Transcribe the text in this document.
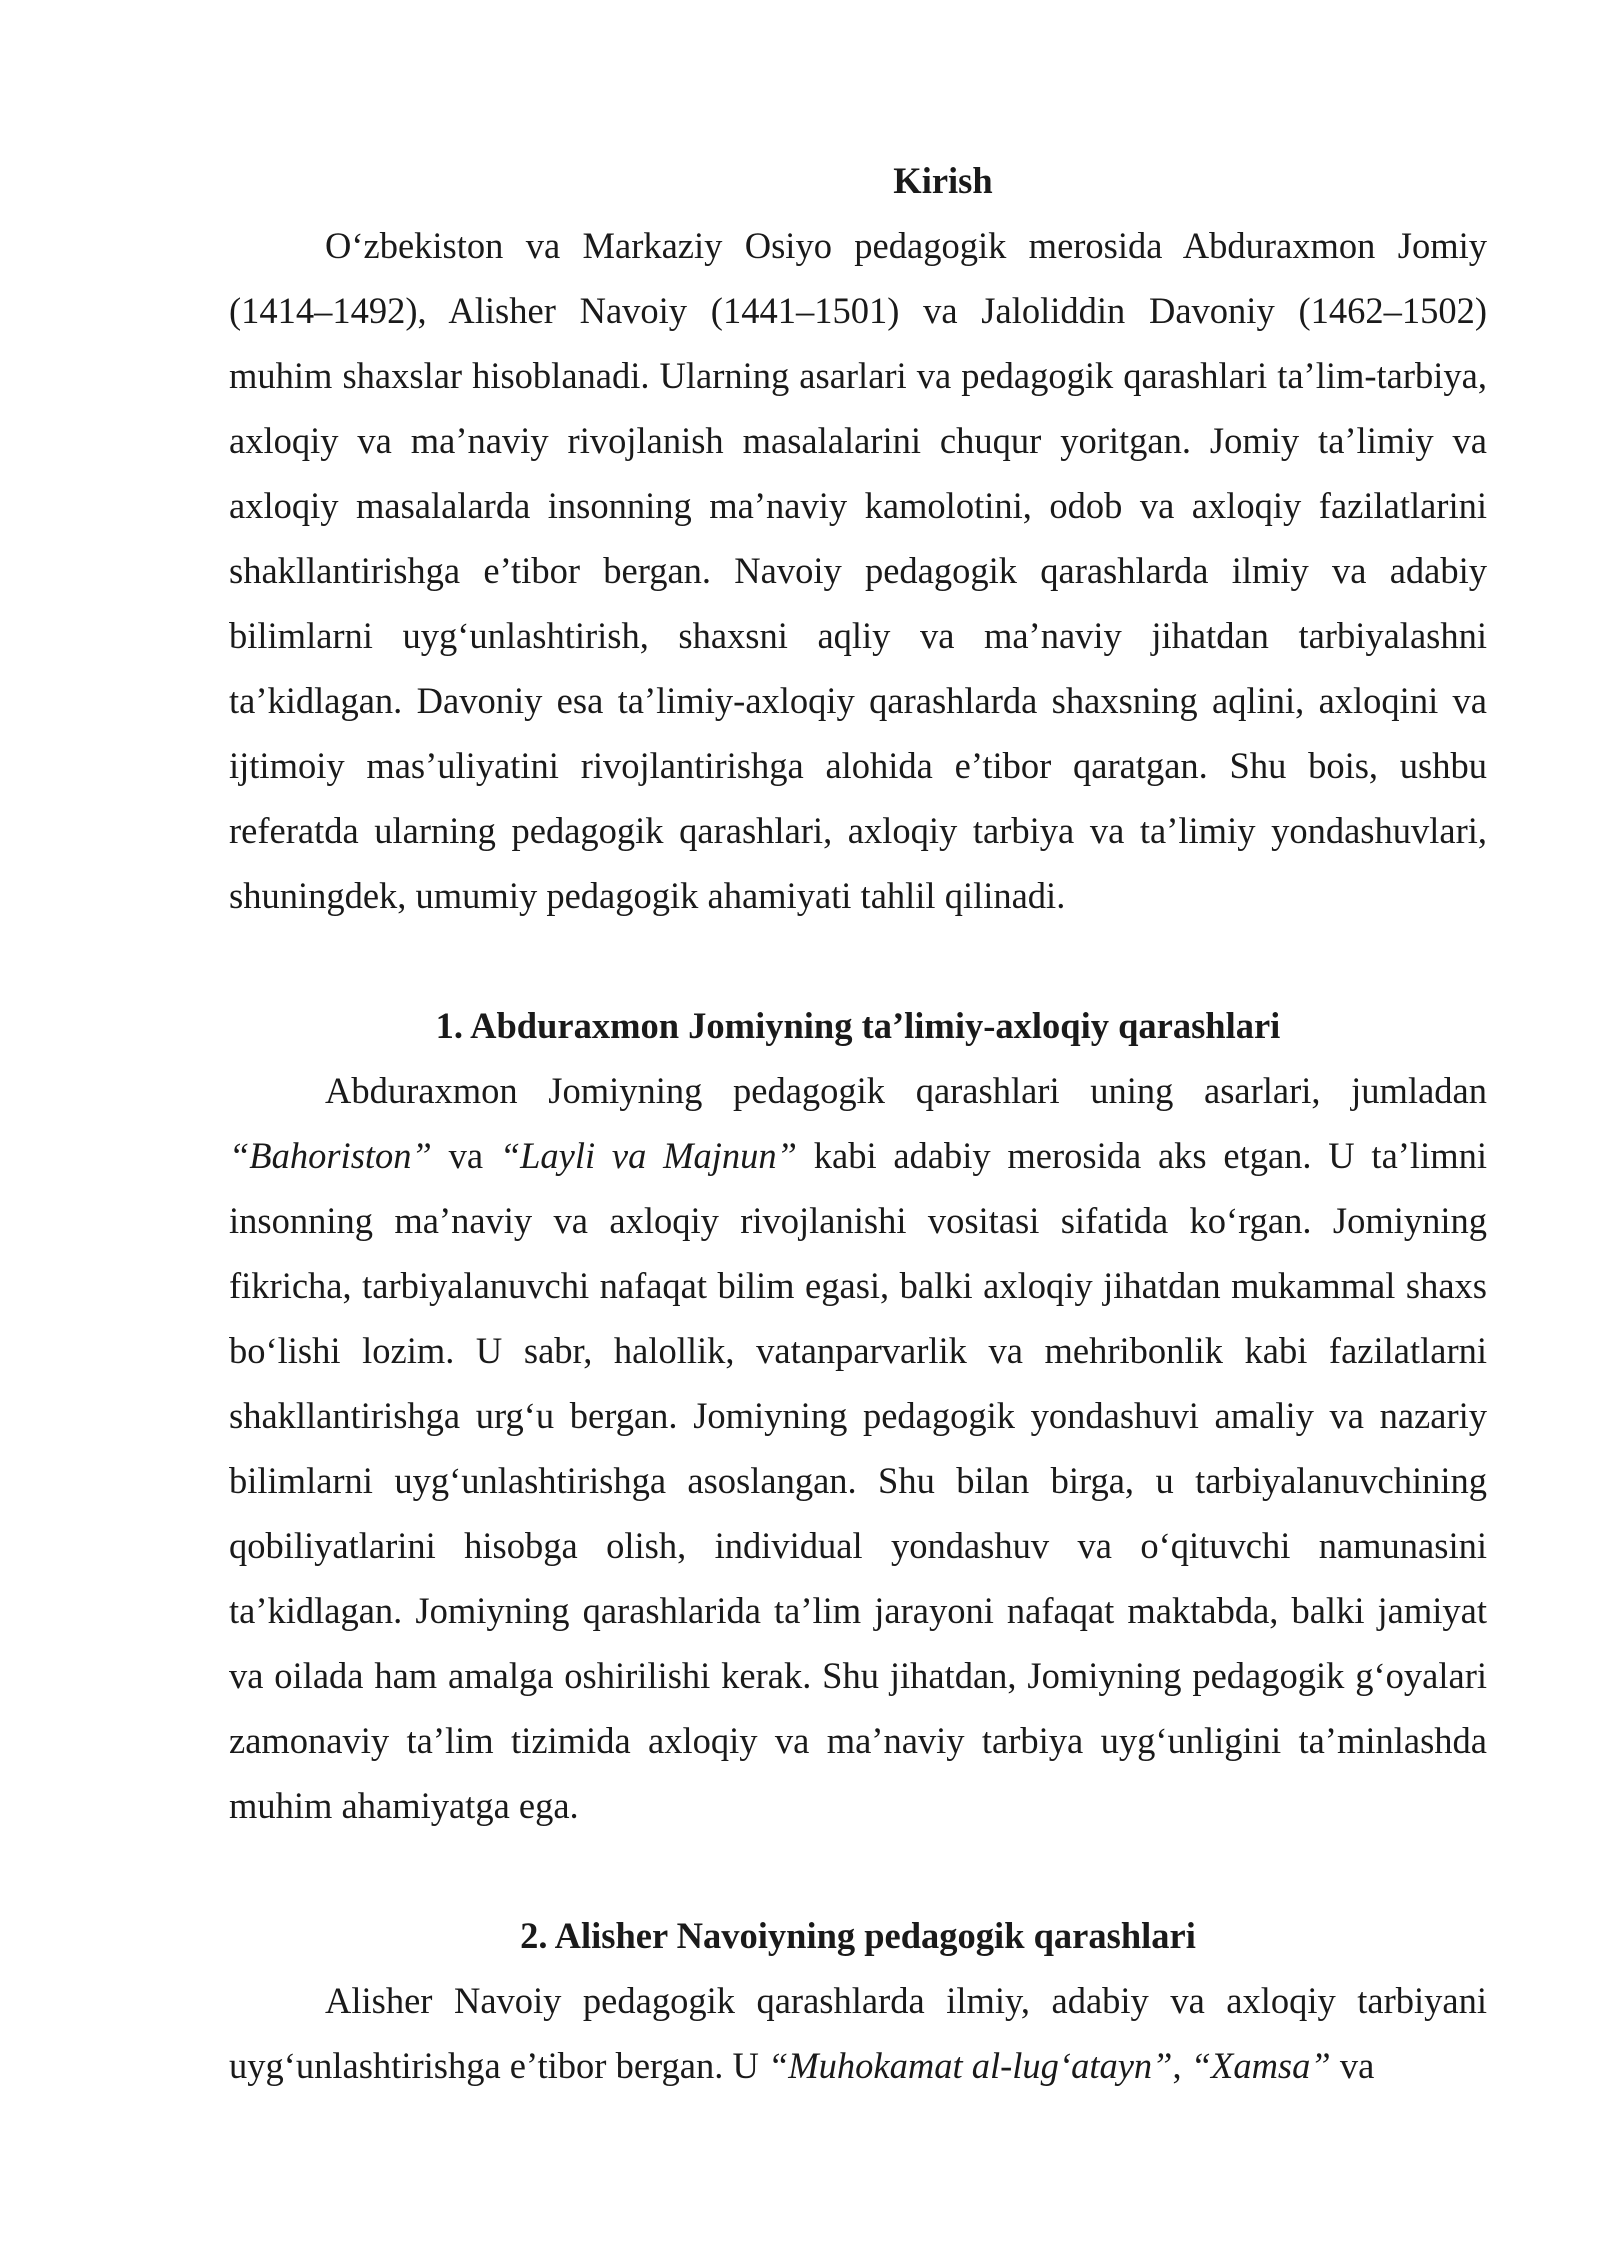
Kirish

O‘zbekiston va Markaziy Osiyo pedagogik merosida Abduraxmon Jomiy (1414–1492), Alisher Navoiy (1441–1501) va Jaloliddin Davoniy (1462–1502) muhim shaxslar hisoblanadi. Ularning asarlari va pedagogik qarashlari ta’lim-tarbiya, axloqiy va ma’naviy rivojlanish masalalarini chuqur yoritgan. Jomiy ta’limiy va axloqiy masalalarda insonning ma’naviy kamolotini, odob va axloqiy fazilatlarini shakllantirishga e’tibor bergan. Navoiy pedagogik qarashlarda ilmiy va adabiy bilimlarni uyg‘unlashtirish, shaxsni aqliy va ma’naviy jihatdan tarbiyalashni ta’kidlagan. Davoniy esa ta’limiy-axloqiy qarashlarda shaxsning aqlini, axloqini va ijtimoiy mas’uliyatini rivojlantirishga alohida e’tibor qaratgan. Shu bois, ushbu referatda ularning pedagogik qarashlari, axloqiy tarbiya va ta’limiy yondashuvlari, shuningdek, umumiy pedagogik ahamiyati tahlil qilinadi.

1. Abduraxmon Jomiyning ta’limiy-axloqiy qarashlari

Abduraxmon Jomiyning pedagogik qarashlari uning asarlari, jumladan “Bahoriston” va “Layli va Majnun” kabi adabiy merosida aks etgan. U ta’limni insonning ma’naviy va axloqiy rivojlanishi vositasi sifatida ko‘rgan. Jomiyning fikricha, tarbiyalanuvchi nafaqat bilim egasi, balki axloqiy jihatdan mukammal shaxs bo‘lishi lozim. U sabr, halollik, vatanparvarlik va mehribonlik kabi fazilatlarni shakllantirishga urg‘u bergan. Jomiyning pedagogik yondashuvi amaliy va nazariy bilimlarni uyg‘unlashtirishga asoslangan. Shu bilan birga, u tarbiyalanuvchining qobiliyatlarini hisobga olish, individual yondashuv va o‘qituvchi namunasini ta’kidlagan. Jomiyning qarashlarida ta’lim jarayoni nafaqat maktabda, balki jamiyat va oilada ham amalga oshirilishi kerak. Shu jihatdan, Jomiyning pedagogik g‘oyalari zamonaviy ta’lim tizimida axloqiy va ma’naviy tarbiya uyg‘unligini ta’minlashda muhim ahamiyatga ega.

2. Alisher Navoiyning pedagogik qarashlari

Alisher Navoiy pedagogik qarashlarda ilmiy, adabiy va axloqiy tarbiyani uyg‘unlashtirishga e’tibor bergan. U “Muhokamat al-lug‘atayn”, “Xamsa” va
